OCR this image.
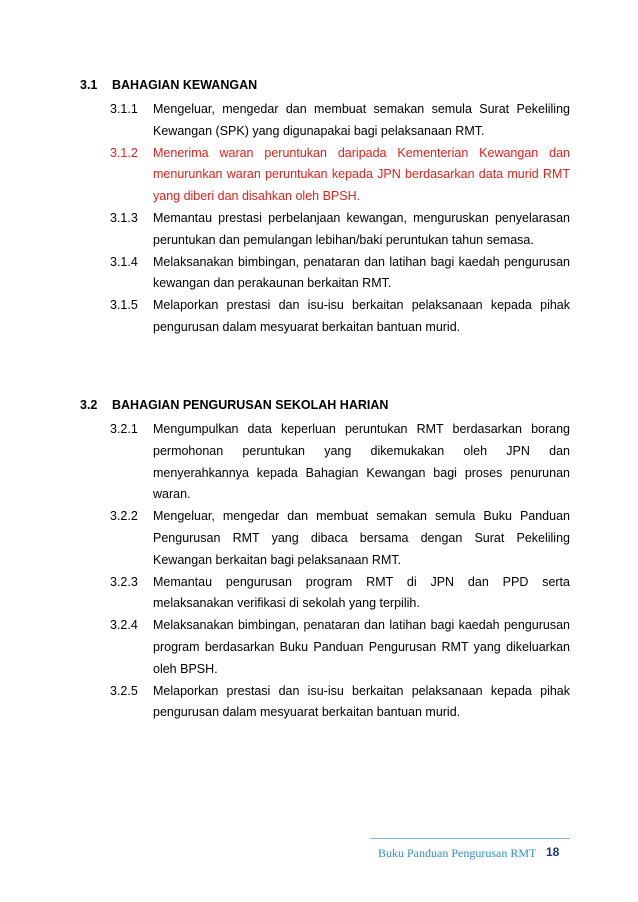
3.1	BAHAGIAN KEWANGAN
3.1.1	Mengeluar, mengedar dan membuat semakan semula Surat Pekeliling Kewangan (SPK) yang digunapakai bagi pelaksanaan RMT.
3.1.2	Menerima waran peruntukan daripada Kementerian Kewangan dan menurunkan waran peruntukan kepada JPN berdasarkan data murid RMT yang diberi dan disahkan oleh BPSH.
3.1.3	Memantau prestasi perbelanjaan kewangan, menguruskan penyelarasan peruntukan dan pemulangan lebihan/baki peruntukan tahun semasa.
3.1.4	Melaksanakan bimbingan, penataran dan latihan bagi kaedah pengurusan kewangan dan perakaunan berkaitan RMT.
3.1.5	Melaporkan prestasi dan isu-isu berkaitan pelaksanaan kepada pihak pengurusan dalam mesyuarat berkaitan bantuan murid.
3.2	BAHAGIAN PENGURUSAN SEKOLAH HARIAN
3.2.1	Mengumpulkan data keperluan peruntukan RMT berdasarkan borang permohonan peruntukan yang dikemukakan oleh JPN dan menyerahkannya kepada Bahagian Kewangan bagi proses penurunan waran.
3.2.2	Mengeluar, mengedar dan membuat semakan semula Buku Panduan Pengurusan RMT yang dibaca bersama dengan Surat Pekeliling Kewangan berkaitan bagi pelaksanaan RMT.
3.2.3	Memantau pengurusan program RMT di JPN dan PPD serta melaksanakan verifikasi di sekolah yang terpilih.
3.2.4	Melaksanakan bimbingan, penataran dan latihan bagi kaedah pengurusan program berdasarkan Buku Panduan Pengurusan RMT yang dikeluarkan oleh BPSH.
3.2.5	Melaporkan prestasi dan isu-isu berkaitan pelaksanaan kepada pihak pengurusan dalam mesyuarat berkaitan bantuan murid.
Buku Panduan Pengurusan RMT 18
